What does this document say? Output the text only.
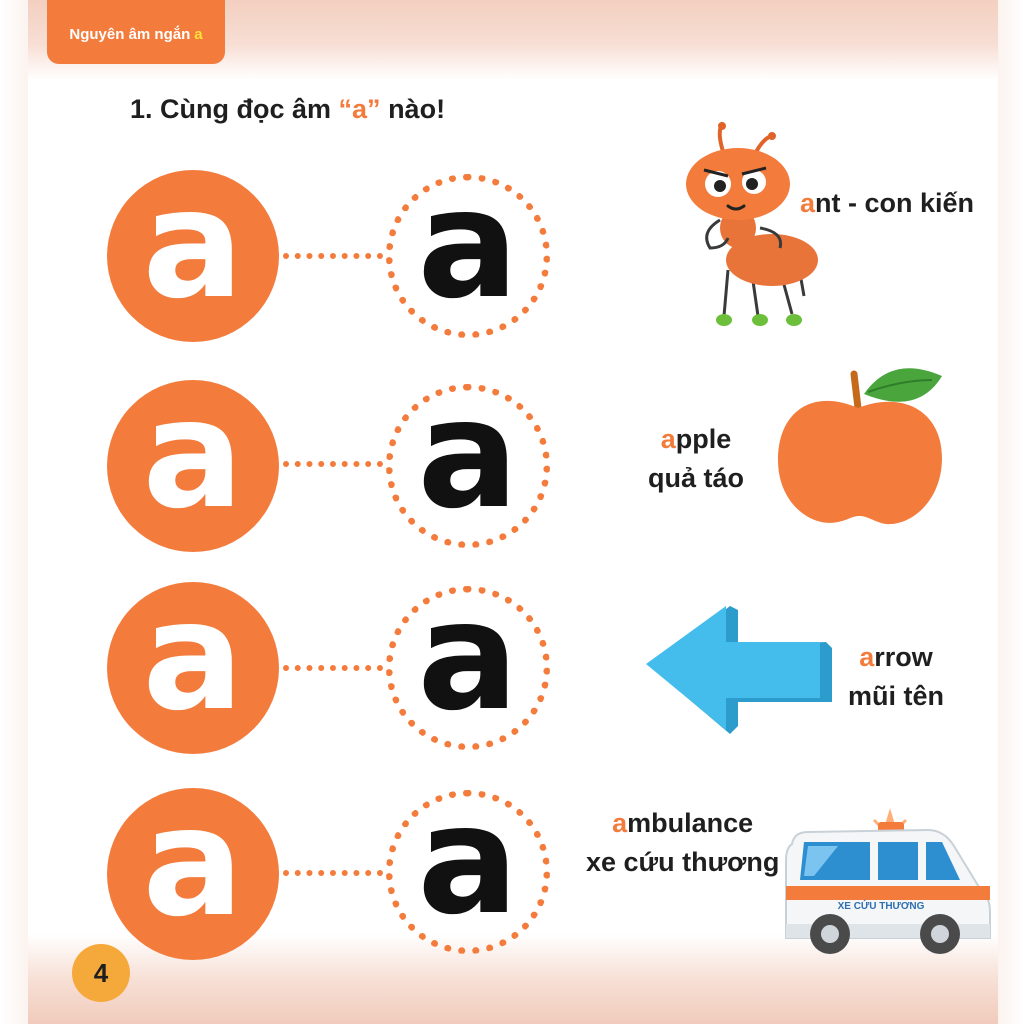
Nguyên âm ngắn a
1. Cùng đọc âm “a” nào!
a a
a a
a a
a a
ant - con kiến
apple
quả táo
arrow
mũi tên
ambulance
xe cứu thương
XE CỨU THƯƠNG
4
